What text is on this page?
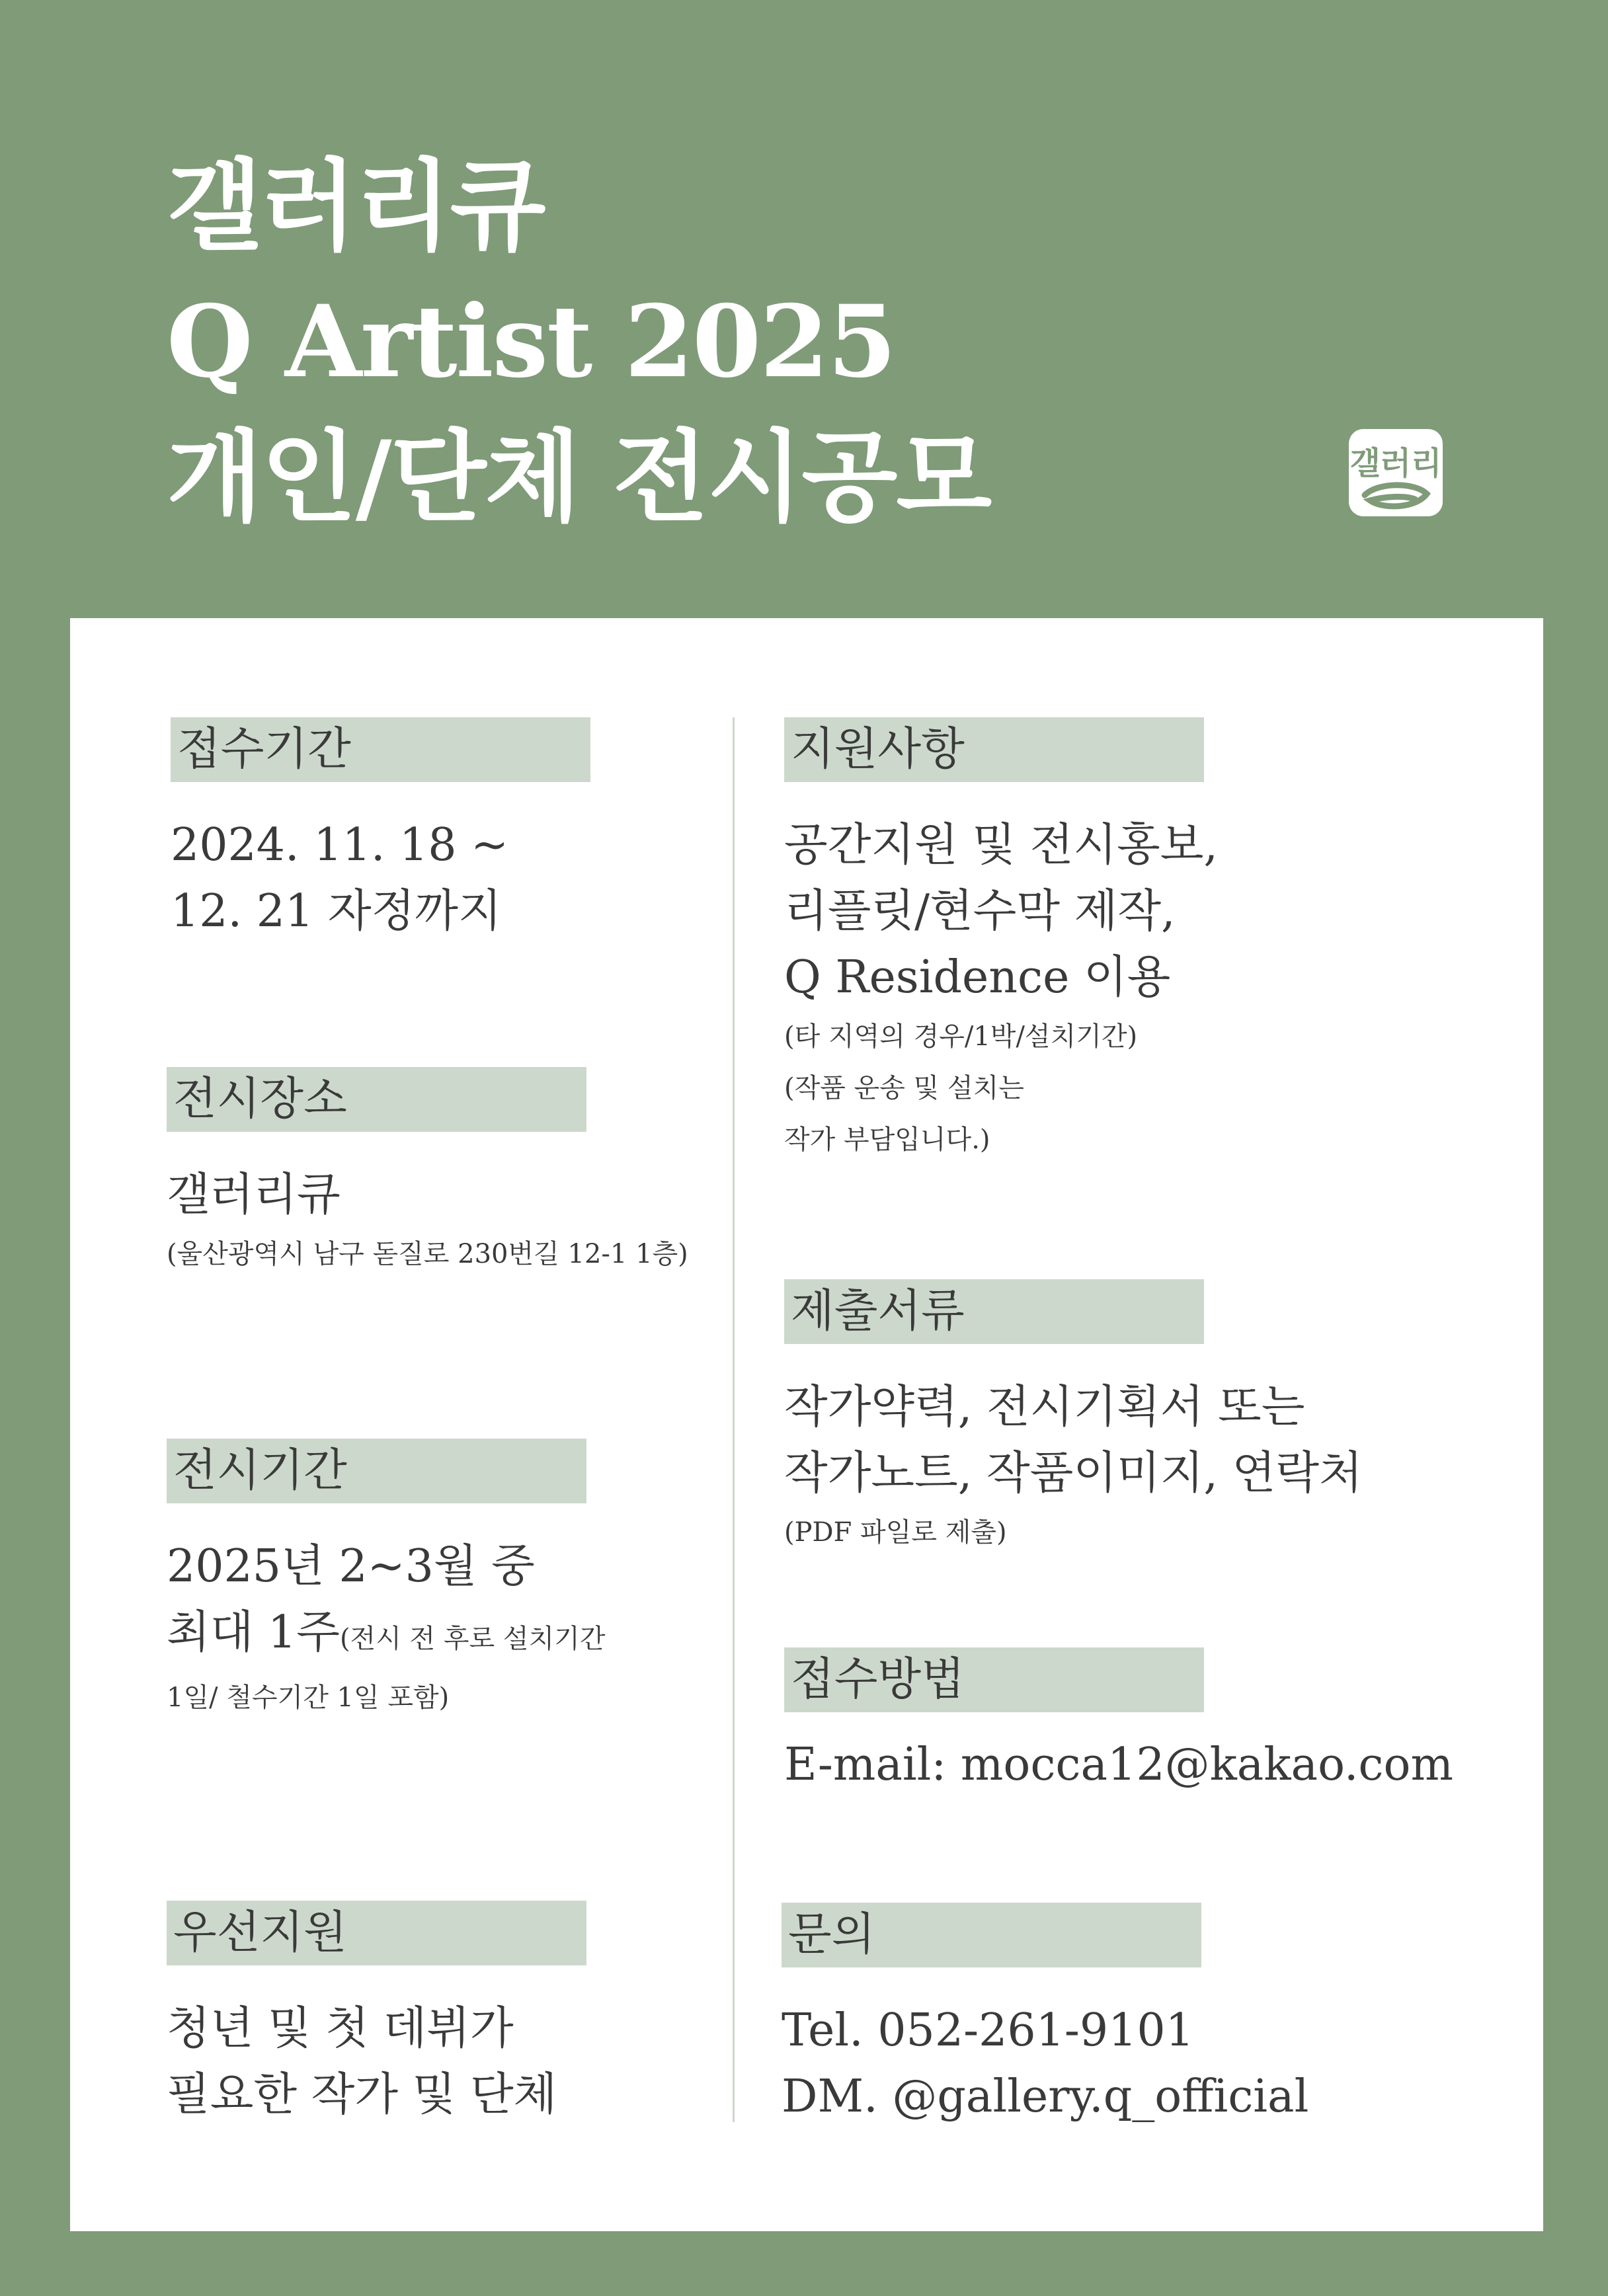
갤러리큐
Q Artist 2025
개인/단체 전시공모	갤러리
접수기간
2024. 11. 18 ~
12. 21 자정까지
전시장소
갤러리큐
(울산광역시 남구 돋질로 230번길 12-1 1층)
전시기간
2025년 2~3월 중
최대 1주(전시 전 후로 설치기간
1일/ 철수기간 1일 포함)
우선지원
청년 및 첫 데뷔가
필요한 작가 및 단체
지원사항
공간지원 및 전시홍보,
리플릿/현수막 제작,
Q Residence 이용
(타 지역의 경우/1박/설치기간)
(작품 운송 및 설치는
작가 부담입니다.)
제출서류
작가약력, 전시기획서 또는
작가노트, 작품이미지, 연락처
(PDF 파일로 제출)
접수방법
E-mail: mocca12@kakao.com
문의
Tel. 052-261-9101
DM. @gallery.q_official
